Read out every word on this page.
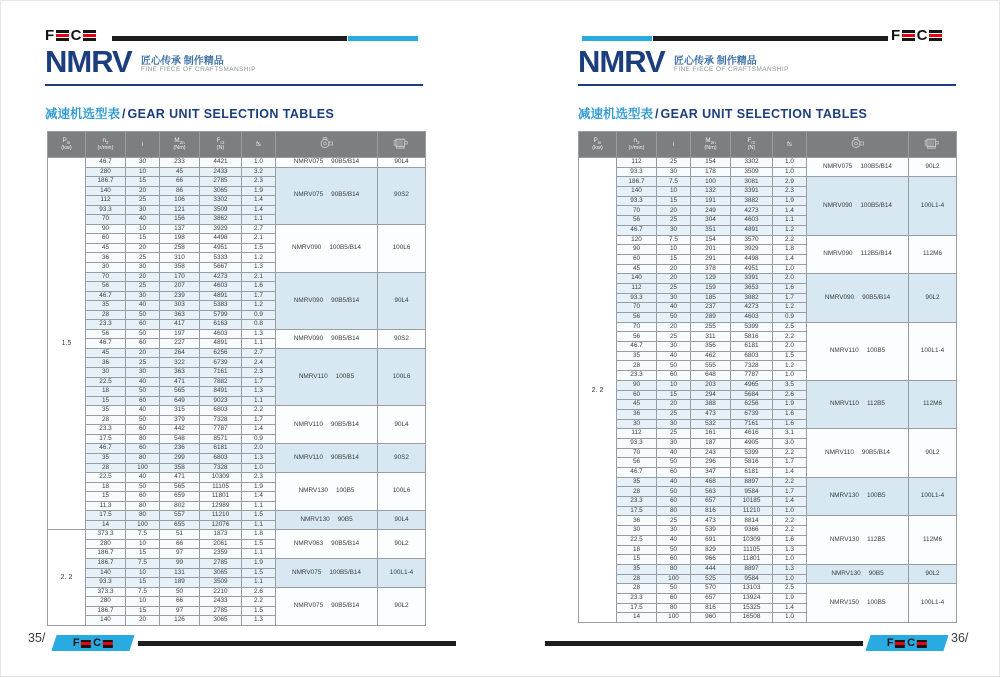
F C
NMRV 匠心传承 制作精品
FINE FIECE OF CRAFTSMANSHIP
减速机选型表 / GEAR UNIT SELECTION TABLES
$P_{in}$
(kw)

$n_2$
(r/min)

i

$M_{2n}$
(Nm)

$F_{r2}$
(N)

fs

1.5	46.7	30	233	4421	1.0	NMRV075 90B5/B14	90L4
	280	10	45	2433	3.2	NMRV075 90B5/B14	90S2
	186.7	15	66	2785	2.3		
	140	20	86	3065	1.9		
	112	25	106	3302	1.4		
	93.3	30	121	3509	1.4		
	70	40	156	3862	1.1		
	90	10	137	3929	2.7	NMRV090 100B5/B14	100L6
	60	15	198	4498	2.1		
	45	20	258	4951	1.5		
	36	25	310	5333	1.2		
	30	30	358	5667	1.3		
	70	20	170	4273	2.1	NMRV090 90B5/B14	90L4
	56	25	207	4603	1.6		
	46.7	30	239	4891	1.7		
	35	40	303	5383	1.2		
	28	50	363	5799	0.9		
	23.3	60	417	6163	0.8		
	56	50	197	4603	1.3	NMRV090 90B5/B14	90S2
	46.7	60	227	4891	1.1		
	45	20	264	6256	2.7	NMRV110 100B5	100L6
	36	25	322	6739	2.4		
	30	30	363	7161	2.3		
	22.5	40	471	7882	1.7		
	18	50	565	8491	1.3		
	15	60	649	9023	1.1		
	35	40	315	6803	2.2	NMRV110 90B5/B14	90L4
	28	50	379	7328	1.7		
	23.3	60	442	7787	1.4		
	17.5	80	548	8571	0.9		
	46.7	60	236	6181	2.0	NMRV110 90B5/B14	90S2
	35	80	299	6803	1.3		
	28	100	358	7328	1.0		
	22.5	40	471	10309	2.3	NMRV130 100B5	100L6
	18	50	565	11105	1.9		
	15	60	659	11801	1.4		
	11.3	80	802	12989	1.1		
	17.5	80	557	11210	1.5	NMRV130 90B5	90L4
	14	100	655	12076	1.1		
2. 2	373.3	7.5	51	1873	1.8	NMRV063 90B5/B14	90L2
	280	10	66	2061	1.5		
	186.7	15	97	2359	1.1		
	186.7	7.5	99	2785	1.9	NMRV075 100B5/B14	100L1-4
	140	10	131	3065	1.5		
	93.3	15	189	3509	1.1		
	373.3	7.5	50	2210	2.6	NMRV075 90B5/B14	90L2
	280	10	66	2433	2.2		
	186.7	15	97	2785	1.5		
	140	20	126	3065	1.3		
35/	F C
F C
NMRV 匠心传承 制作精品
FINE FIECE OF CRAFTSMANSHIP
减速机选型表 / GEAR UNIT SELECTION TABLES
$P_{in}$
(kw)

$n_2$
(r/min)

i

$M_{2n}$
(Nm)

$F_{r2}$
(N)

fs

2. 2	112	25	154	3302	1.0	NMRV075 100B5/B14	90L2
	93.3	30	178	3509	1.0		
	186.7	7.5	100	3081	2.9	NMRV090 100B5/B14	100L1-4
	140	10	132	3391	2.3		
	93.3	15	191	3882	1.9		
	70	20	249	4273	1.4		
	56	25	304	4603	1.1		
	46.7	30	351	4891	1.2		
	120	7.5	154	3570	2.2	NMRV090 112B5/B14	112M6
	90	10	201	3929	1.8		
	60	15	291	4498	1.4		
	45	20	378	4951	1.0		
	140	20	129	3391	2.0	NMRV090 90B5/B14	90L2
	112	25	159	3653	1.6		
	93.3	30	185	3882	1.7		
	70	40	237	4273	1.2		
	56	50	289	4603	0.9		
	70	20	255	5399	2.5	NMRV110 100B5	100L1-4
	56	25	311	5816	2.2		
	46.7	30	356	6181	2.0		
	35	40	462	6803	1.5		
	28	50	555	7328	1.2		
	23.3	60	648	7787	1.0		
	90	10	203	4965	3.5	NMRV110 112B5	112M6
	60	15	294	5684	2.6		
	45	20	388	6256	1.9		
	36	25	473	6739	1.6		
	30	30	532	7161	1.6		
	112	25	161	4616	3.1	NMRV110 90B5/B14	90L2
	93.3	30	187	4905	3.0		
	70	40	243	5399	2.2		
	56	50	296	5816	1.7		
	46.7	60	347	6181	1.4		
	35	40	468	8897	2.2	NMRV130 100B5	100L1-4
	28	50	563	9584	1.7		
	23.3	60	657	10185	1.4		
	17.5	80	816	11210	1.0		
	36	25	473	8814	2.2	NMRV130 112B5	112M6
	30	30	539	9366	2.2		
	22.5	40	691	10309	1.6		
	18	50	829	11105	1.3		
	15	60	966	11801	1.0		
	35	80	444	8897	1.3	NMRV130 90B5	90L2
	28	100	525	9584	1.0		
	28	50	570	13103	2.5	NMRV150 100B5	100L1-4
	23.3	60	657	13924	1.9		
	17.5	80	816	15325	1.4		
	14	100	960	16508	1.0		
F C	36/
